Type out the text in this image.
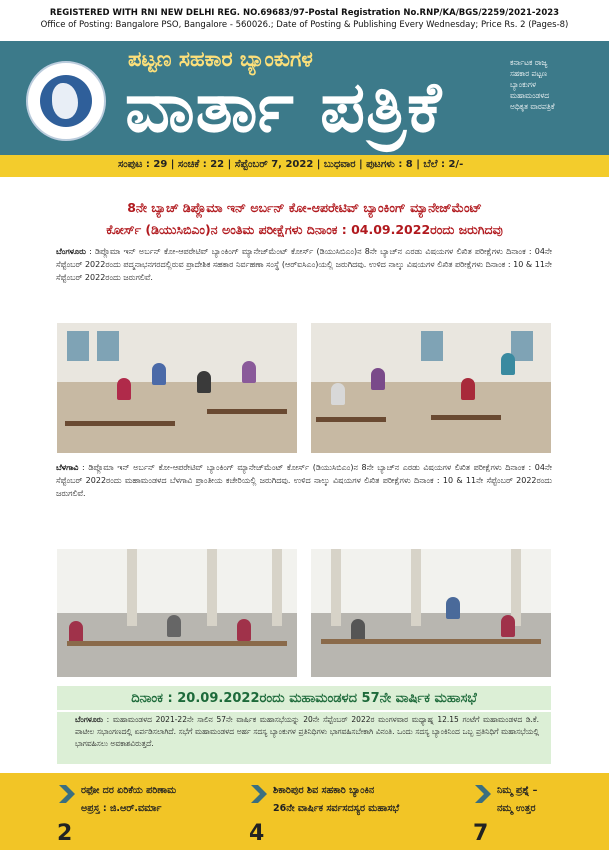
REGISTERED WITH RNI NEW DELHI REG. NO.69683/97-Postal Registration No.RNP/KA/BGS/2259/2021-2023
Office of Posting: Bangalore PSO, Bangalore - 560026.; Date of Posting & Publishing Every Wednesday; Price Rs. 2 (Pages-8)
ಪಟ್ಟಣ ಸಹಕಾರ ಬ್ಯಾಂಕುಗಳ
ವಾರ್ತಾ ಪತ್ರಿಕೆ
ಕರ್ನಾಟಕ ರಾಜ್ಯ
ಸಹಕಾರ ಪಟ್ಟಣ
ಬ್ಯಾಂಕುಗಳ
ಮಹಾಮಂಡಳದ
ಅಧಿಕೃತ ವಾರಪತ್ರಿಕೆ
ಸಂಪುಟ : 29 | ಸಂಚಿಕೆ : 22 | ಸೆಪ್ಟೆಂಬರ್ 7, 2022 | ಬುಧವಾರ | ಪುಟಗಳು : 8 | ಬೆಲೆ : 2/-
8ನೇ ಬ್ಯಾಚ್ ಡಿಪ್ಲೊಮಾ ಇನ್ ಅರ್ಬನ್ ಕೋ-ಆಪರೇಟಿವ್ ಬ್ಯಾಂಕಿಂಗ್ ಮ್ಯಾನೇಜ್‌ಮೆಂಟ್
ಕೋರ್ಸ್ (ಡಿಯುಸಿಬಿಎಂ)ನ ಅಂತಿಮ ಪರೀಕ್ಷೆಗಳು ದಿನಾಂಕ : 04.09.2022ರಂದು ಜರುಗಿದವು
ಬೆಂಗಳೂರು : ಡಿಪ್ಲೊಮಾ ಇನ್ ಅರ್ಬನ್ ಕೋ-ಆಪರೇಟಿವ್ ಬ್ಯಾಂಕಿಂಗ್ ಮ್ಯಾನೇಜ್‌ಮೆಂಟ್ ಕೋರ್ಸ್ (ಡಿಯುಸಿಬಿಎಂ)ನ 8ನೇ ಬ್ಯಾಚ್‌ನ ಎರಡು ವಿಷಯಗಳ ಲಿಖಿತ ಪರೀಕ್ಷೆಗಳು ದಿನಾಂಕ : 04ನೇ ಸೆಪ್ಟೆಂಬರ್ 2022ರಂದು ಪದ್ಮನಾಭನಗರದಲ್ಲಿರುವ ಪ್ರಾದೇಶಿಕ ಸಹಕಾರ ನಿರ್ವಹಣಾ ಸಂಸ್ಥೆ (ಆರ್‌ಐಸಿಎಂ)ಯಲ್ಲಿ ಜರುಗಿದವು. ಉಳಿದ ನಾಲ್ಕು ವಿಷಯಗಳ ಲಿಖಿತ ಪರೀಕ್ಷೆಗಳು ದಿನಾಂಕ : 10 & 11ನೇ ಸೆಪ್ಟೆಂಬರ್ 2022ರಂದು ಜರುಗಲಿವೆ.
ಬೆಳಗಾವಿ : ಡಿಪ್ಲೊಮಾ ಇನ್ ಅರ್ಬನ್ ಕೋ-ಆಪರೇಟಿವ್ ಬ್ಯಾಂಕಿಂಗ್ ಮ್ಯಾನೇಜ್‌ಮೆಂಟ್ ಕೋರ್ಸ್ (ಡಿಯುಸಿಬಿಎಂ)ನ 8ನೇ ಬ್ಯಾಚ್‌ನ ಎರಡು ವಿಷಯಗಳ ಲಿಖಿತ ಪರೀಕ್ಷೆಗಳು ದಿನಾಂಕ : 04ನೇ ಸೆಪ್ಟೆಂಬರ್ 2022ರಂದು ಮಹಾಮಂಡಳದ ಬೆಳಗಾವಿ ಪ್ರಾಂತೀಯ ಕಚೇರಿಯಲ್ಲಿ ಜರುಗಿದವು. ಉಳಿದ ನಾಲ್ಕು ವಿಷಯಗಳ ಲಿಖಿತ ಪರೀಕ್ಷೆಗಳು ದಿನಾಂಕ : 10 & 11ನೇ ಸೆಪ್ಟೆಂಬರ್ 2022ರಂದು ಜರುಗಲಿವೆ.
ದಿನಾಂಕ : 20.09.2022ರಂದು ಮಹಾಮಂಡಳದ 57ನೇ ವಾರ್ಷಿಕ ಮಹಾಸಭೆ
ಬೆಂಗಳೂರು : ಮಹಾಮಂಡಳದ 2021-22ನೇ ಸಾಲಿನ 57ನೇ ವಾರ್ಷಿಕ ಮಹಾಸಭೆಯನ್ನು 20ನೇ ಸೆಪ್ಟೆಂಬರ್ 2022ರ ಮಂಗಳವಾರ ಮಧ್ಯಾಹ್ನ 12.15 ಗಂಟೆಗೆ ಮಹಾಮಂಡಳದ ಡಿ.ಕೆ. ಪಾಟೀಲ ಸಭಾಂಗಣದಲ್ಲಿ ಏರ್ಪಡಿಸಲಾಗಿದೆ. ಸಭೆಗೆ ಮಹಾಮಂಡಳದ ಅರ್ಹ ಸದಸ್ಯ ಬ್ಯಾಂಕುಗಳ ಪ್ರತಿನಿಧಿಗಳು ಭಾಗವಹಿಸಬೇಕಾಗಿ ವಿನಂತಿ. ಒಂದು ಸದಸ್ಯ ಬ್ಯಾಂಕಿನಿಂದ ಒಬ್ಬ ಪ್ರತಿನಿಧಿಗೆ ಮಹಾಸಭೆಯಲ್ಲಿ ಭಾಗವಹಿಸಲು ಅವಕಾಶವಿರುತ್ತದೆ.
ರಫೋ ದರ ಏರಿಕೆಯ ಪರಿಣಾಮ
ಅಪ್ರಸ್ತ : ಜಿ.ಆರ್.ವರ್ಮಾ
2
ಶಿಕಾರಿಪುರ ಶಿವ ಸಹಕಾರಿ ಬ್ಯಾಂಕಿನ
26ನೇ ವಾರ್ಷಿಕ ಸರ್ವಸದಸ್ಯರ ಮಹಾಸಭೆ
4
ನಿಮ್ಮ ಪ್ರಶ್ನೆ –
ನಮ್ಮ ಉತ್ತರ
7
